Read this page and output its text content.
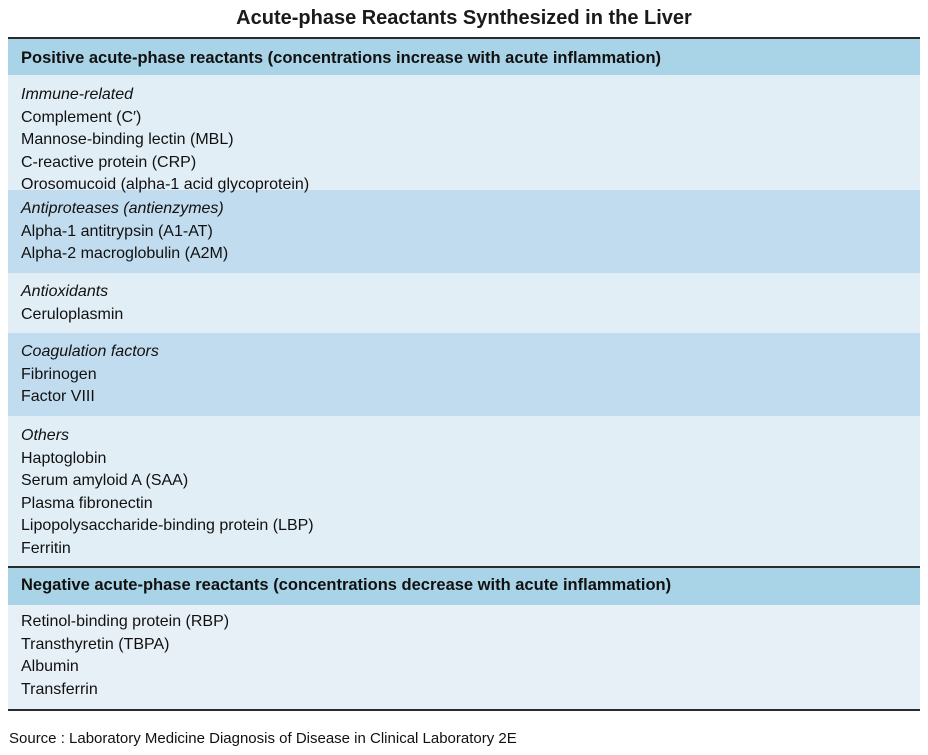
Acute-phase Reactants Synthesized in the Liver
Positive acute-phase reactants (concentrations increase with acute inflammation)
Immune-related
Complement (C′)
Mannose-binding lectin (MBL)
C-reactive protein (CRP)
Orosomucoid (alpha-1 acid glycoprotein)
Antiproteases (antienzymes)
Alpha-1 antitrypsin (A1-AT)
Alpha-2 macroglobulin (A2M)
Antioxidants
Ceruloplasmin
Coagulation factors
Fibrinogen
Factor VIII
Others
Haptoglobin
Serum amyloid A (SAA)
Plasma fibronectin
Lipopolysaccharide-binding protein (LBP)
Ferritin
Negative acute-phase reactants (concentrations decrease with acute inflammation)
Retinol-binding protein (RBP)
Transthyretin (TBPA)
Albumin
Transferrin
Source : Laboratory Medicine Diagnosis of Disease in Clinical Laboratory 2E
